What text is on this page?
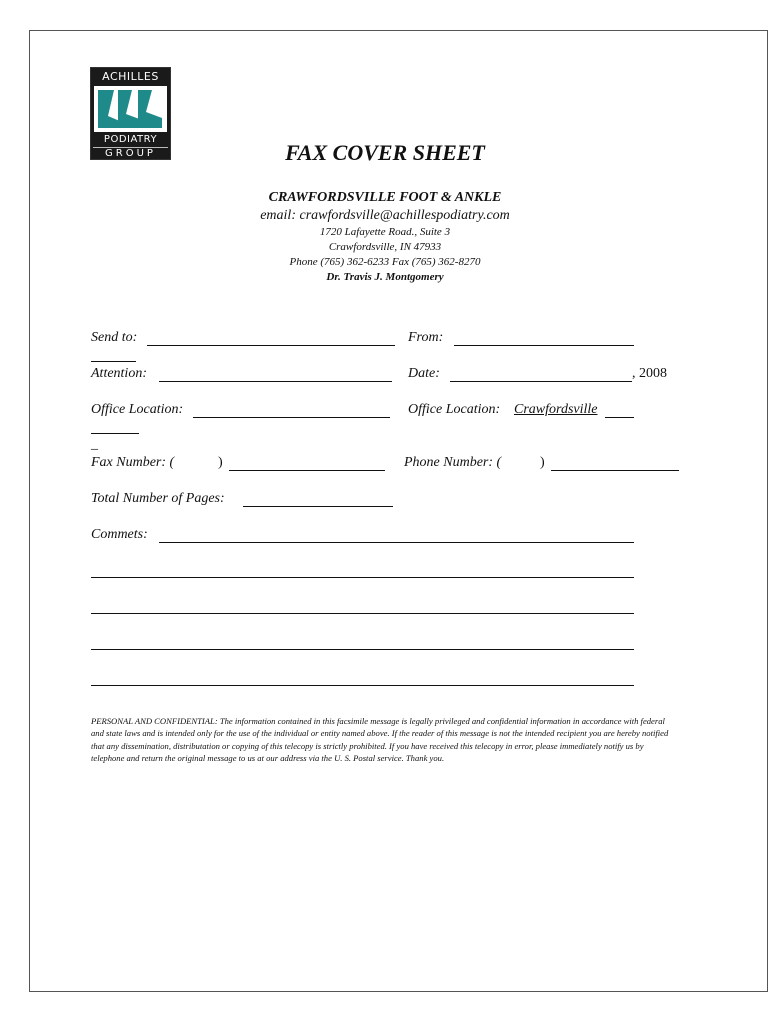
ACHILLES
PODIATRY
GROUP	FAX COVER SHEET
CRAWFORDSVILLE FOOT & ANKLE
email: crawfordsville@achillespodiatry.com
1720 Lafayette Road., Suite 3
Crawfordsville, IN 47933
Phone (765) 362-6233 Fax (765) 362-8270
Dr. Travis J. Montgomery
Send to:	From:
Attention:	Date:	, 2008
Office Location:	Office Location: Crawfordsville
_
Fax Number: (	)	Phone Number: (	)
Total Number of Pages:
Commets:
PERSONAL AND CONFIDENTIAL: The information contained in this facsimile message is legally privileged and confidential information in accordance with federal and state laws and is intended only for the use of the individual or entity named above. If the reader of this message is not the intended recipient you are hereby notified that any dissemination, distributation or copying of this telecopy is strictly prohibited. If you have received this telecopy in error, please immediately notify us by telephone and return the original message to us at our address via the U. S. Postal service. Thank you.
